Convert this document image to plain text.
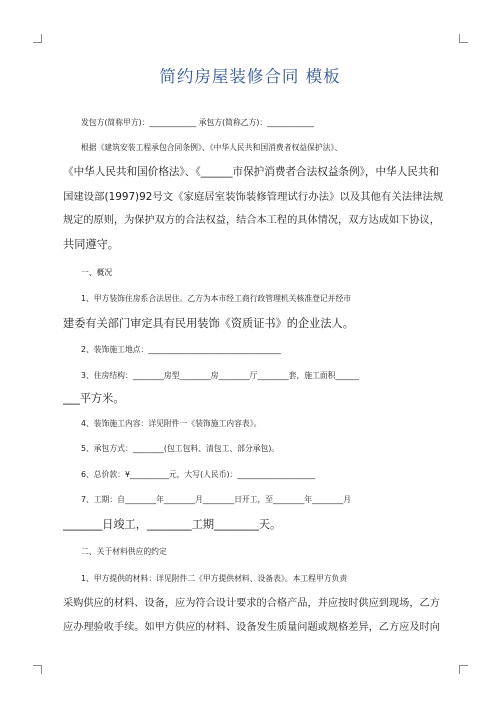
简约房屋装修合同 模板
发包方(简称甲方)：____________ 承包方(简称乙方)：____________
根据《建筑安装工程承包合同条例》、《中华人民共和国消费者权益保护法》、
《中华人民共和国价格法》、《______市保护消费者合法权益条例》，中华人民共和
国建设部(1997)92号文《家庭居室装饰装修管理试行办法》以及其他有关法律法规
规定的原则，为保护双方的合法权益，结合本工程的具体情况，双方达成如下协议，
共同遵守。
一、概况
1、甲方装饰住房系合法居住。乙方为本市经工商行政管理机关核准登记并经市
建委有关部门审定具有民用装饰《资质证书》的企业法人。
2、装饰施工地点：__________________________________
3、住房结构：________房型________房________厅________套，施工面积______
___平方米。
4、装饰施工内容：详见附件一《装饰施工内容表》。
5、承包方式：________(包工包料、清包工、部分承包)。
6、总价款：¥__________元，大写(人民币)：____________________
7、工期：自________年________月________日开工，至________年________月
_______日竣工，________工期________天。
二、关于材料供应的约定
1、甲方提供的材料：详见附件二《甲方提供材料、设备表》。本工程甲方负责
采购供应的材料、设备，应为符合设计要求的合格产品，并应按时供应到现场，乙方
应办理验收手续。如甲方供应的材料、设备发生质量问题或规格差异，乙方应及时向
